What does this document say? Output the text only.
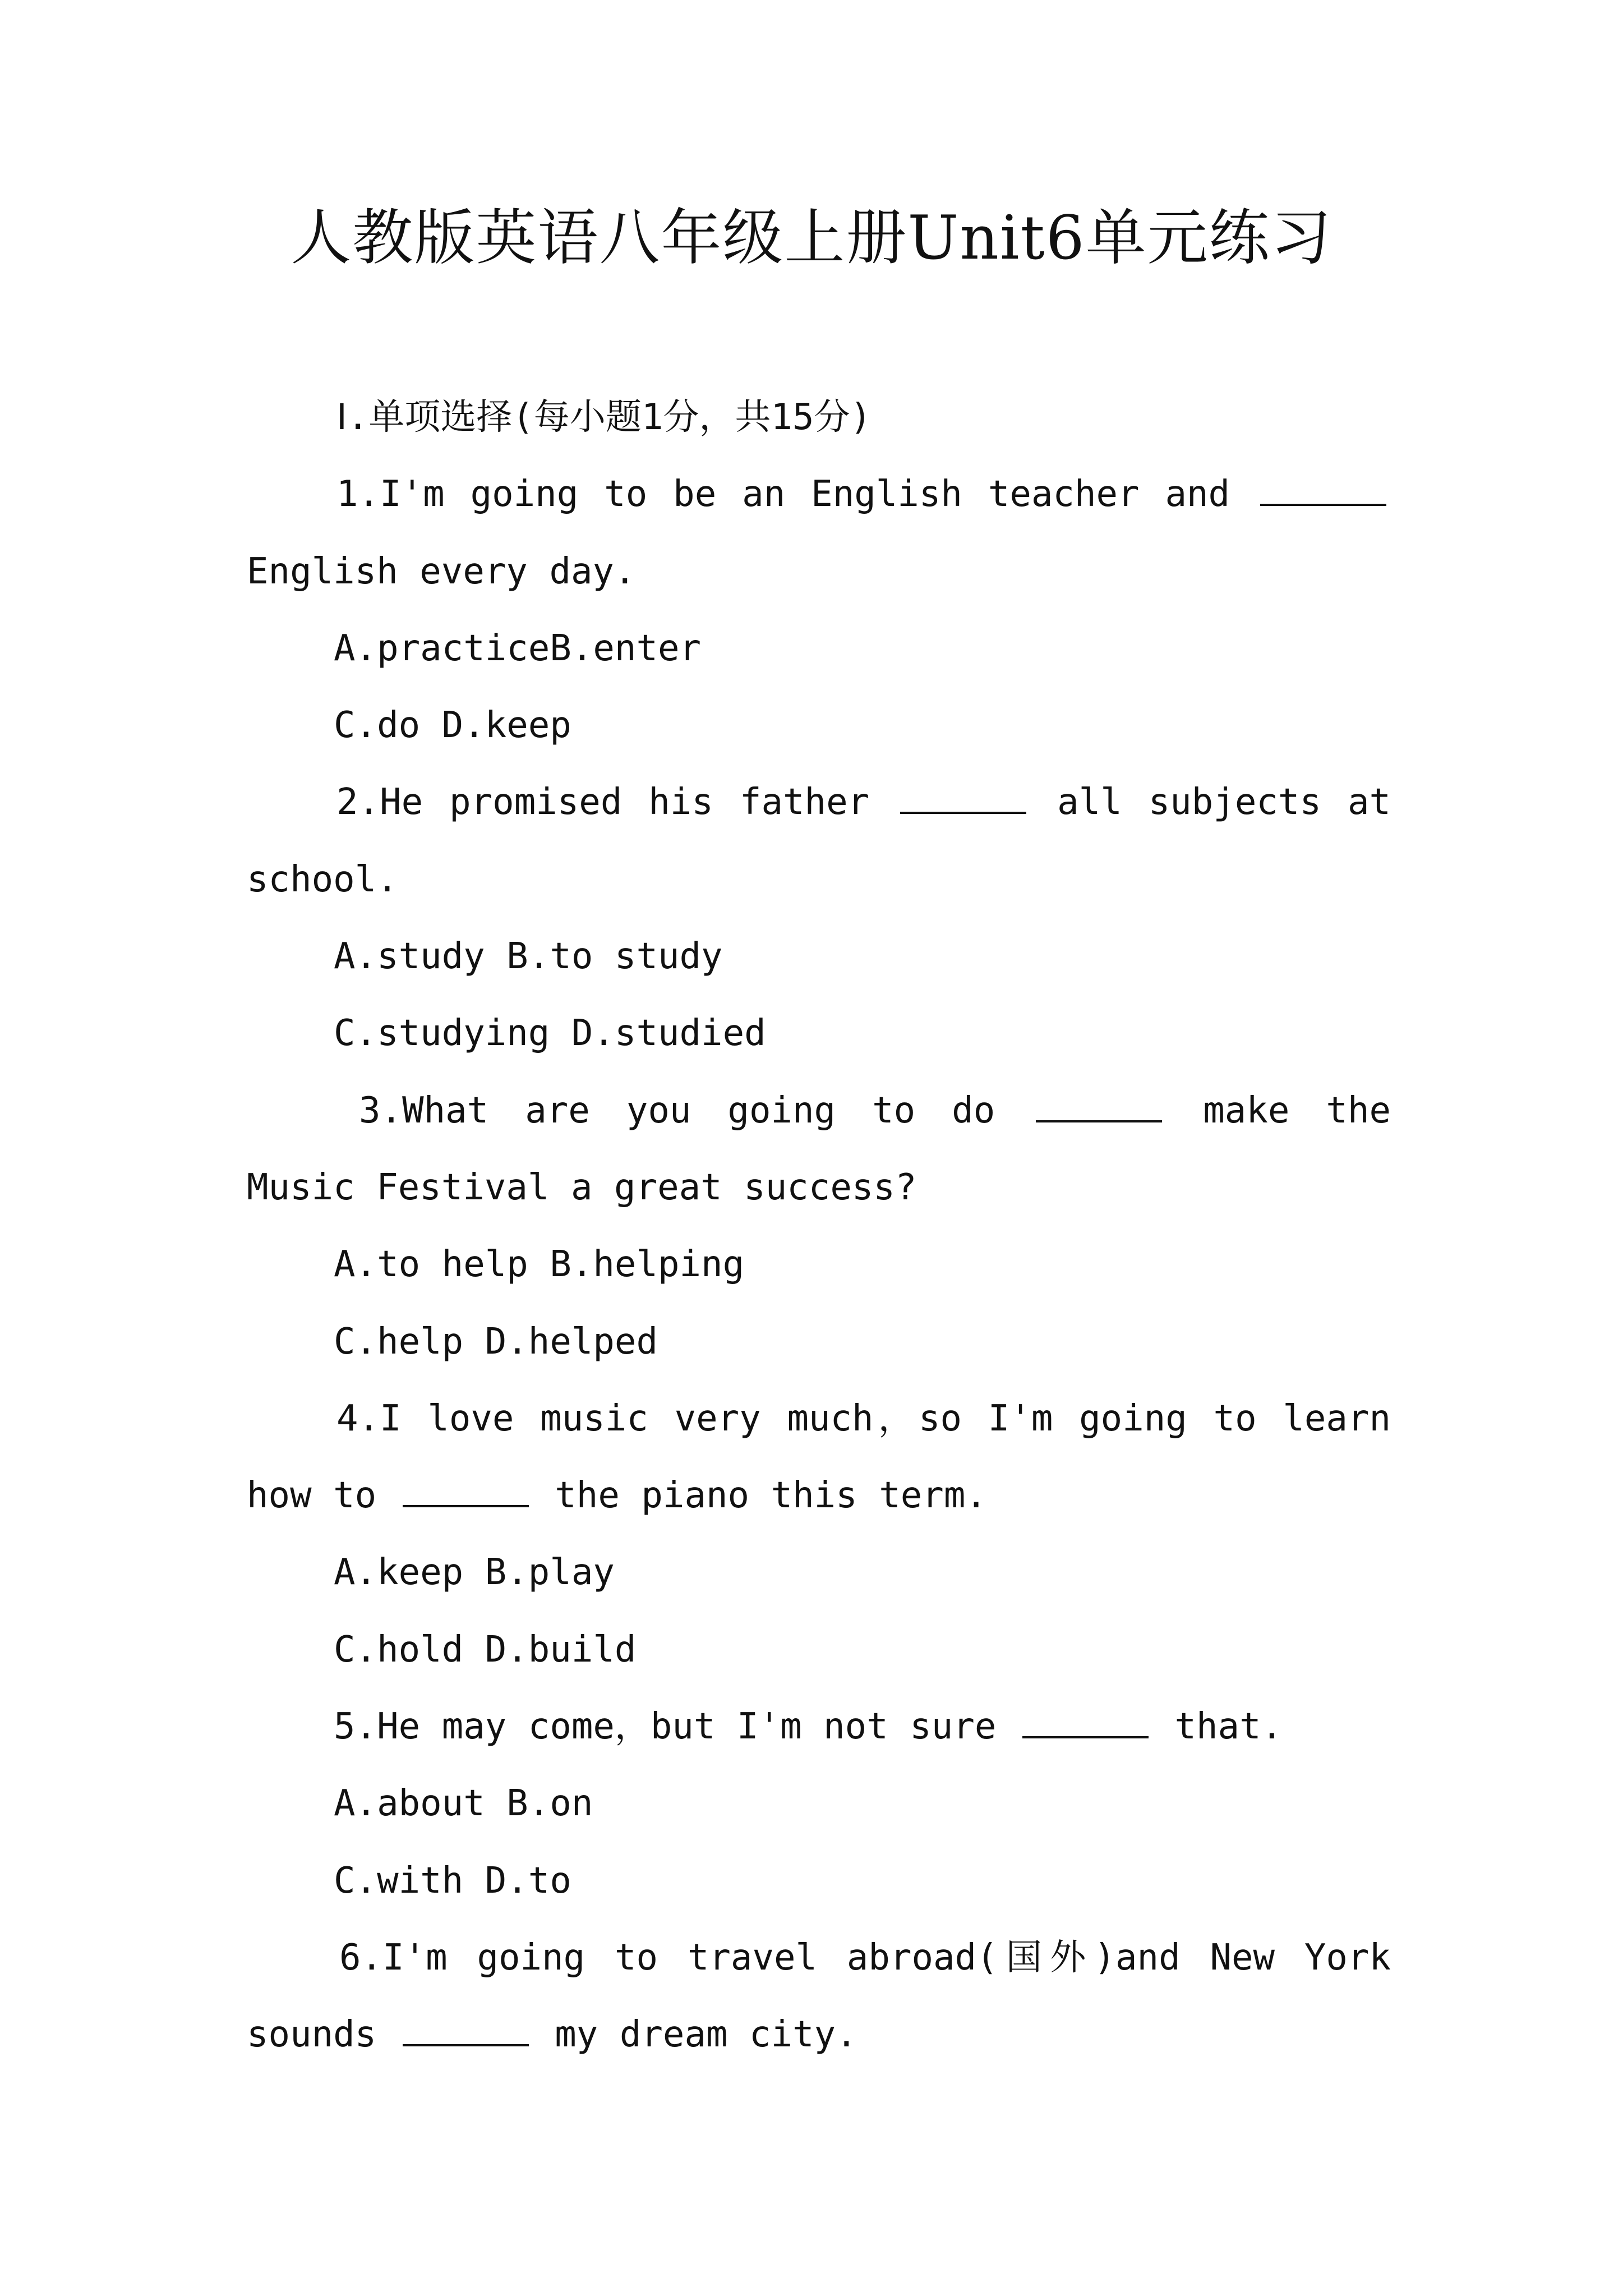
人教版英语八年级上册Unit6单元练习
Ⅰ.单项选择(每小题1分，共15分)
1.I'm going to be an English teacher and
English every day.
A.practiceB.enter
C.do D.keep
2.He promised his father	all subjects at
school.
A.study B.to study
C.studying D.studied
3.What are you going to do	make the
Music Festival a great success?
A.to help B.helping
C.help D.helped
4.I love music very much，so I'm going to learn
how to	the piano this term.
A.keep B.play
C.hold D.build
5.He may come，but I'm not sure	that.
A.about B.on
C.with D.to
6.I'm going to travel abroad(国外)and New York
sounds	my dream city.
